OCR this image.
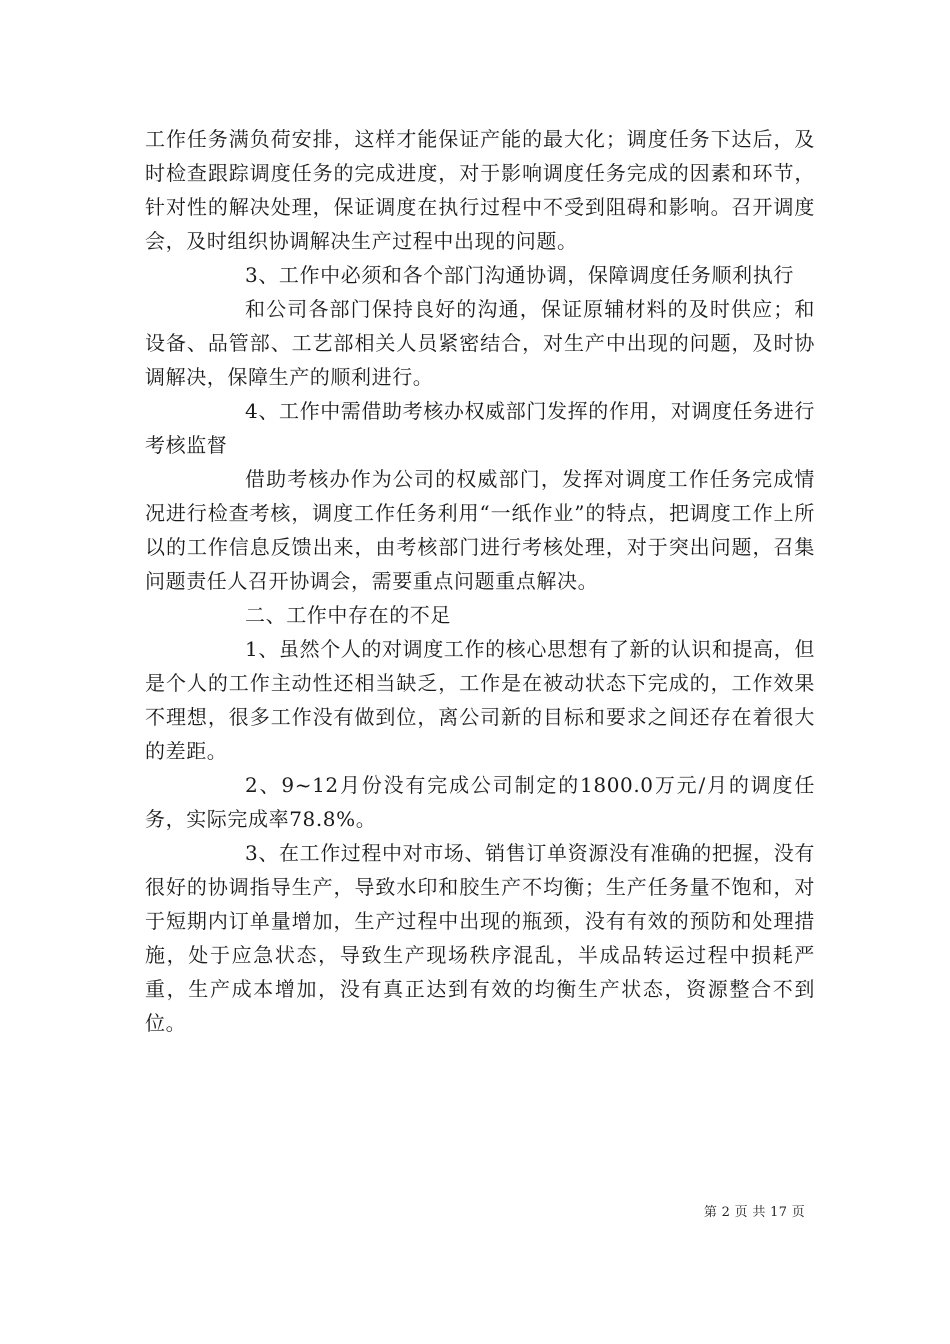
工作任务满负荷安排，这样才能保证产能的最大化；调度任务下达后，及时检查跟踪调度任务的完成进度，对于影响调度任务完成的因素和环节，针对性的解决处理，保证调度在执行过程中不受到阻碍和影响。召开调度会，及时组织协调解决生产过程中出现的问题。

3、工作中必须和各个部门沟通协调，保障调度任务顺利执行

和公司各部门保持良好的沟通，保证原辅材料的及时供应；和设备、品管部、工艺部相关人员紧密结合，对生产中出现的问题，及时协调解决，保障生产的顺利进行。

4、工作中需借助考核办权威部门发挥的作用，对调度任务进行考核监督

借助考核办作为公司的权威部门，发挥对调度工作任务完成情况进行检查考核，调度工作任务利用“一纸作业”的特点，把调度工作上所以的工作信息反馈出来，由考核部门进行考核处理，对于突出问题，召集问题责任人召开协调会，需要重点问题重点解决。

二、工作中存在的不足

1、虽然个人的对调度工作的核心思想有了新的认识和提高，但是个人的工作主动性还相当缺乏，工作是在被动状态下完成的，工作效果不理想，很多工作没有做到位，离公司新的目标和要求之间还存在着很大的差距。

2、9~12月份没有完成公司制定的1800.0万元/月的调度任务，实际完成率78.8%。

3、在工作过程中对市场、销售订单资源没有准确的把握，没有很好的协调指导生产，导致水印和胶生产不均衡；生产任务量不饱和，对于短期内订单量增加，生产过程中出现的瓶颈，没有有效的预防和处理措施，处于应急状态，导致生产现场秩序混乱，半成品转运过程中损耗严重，生产成本增加，没有真正达到有效的均衡生产状态，资源整合不到位。

第 2 页 共 17 页
